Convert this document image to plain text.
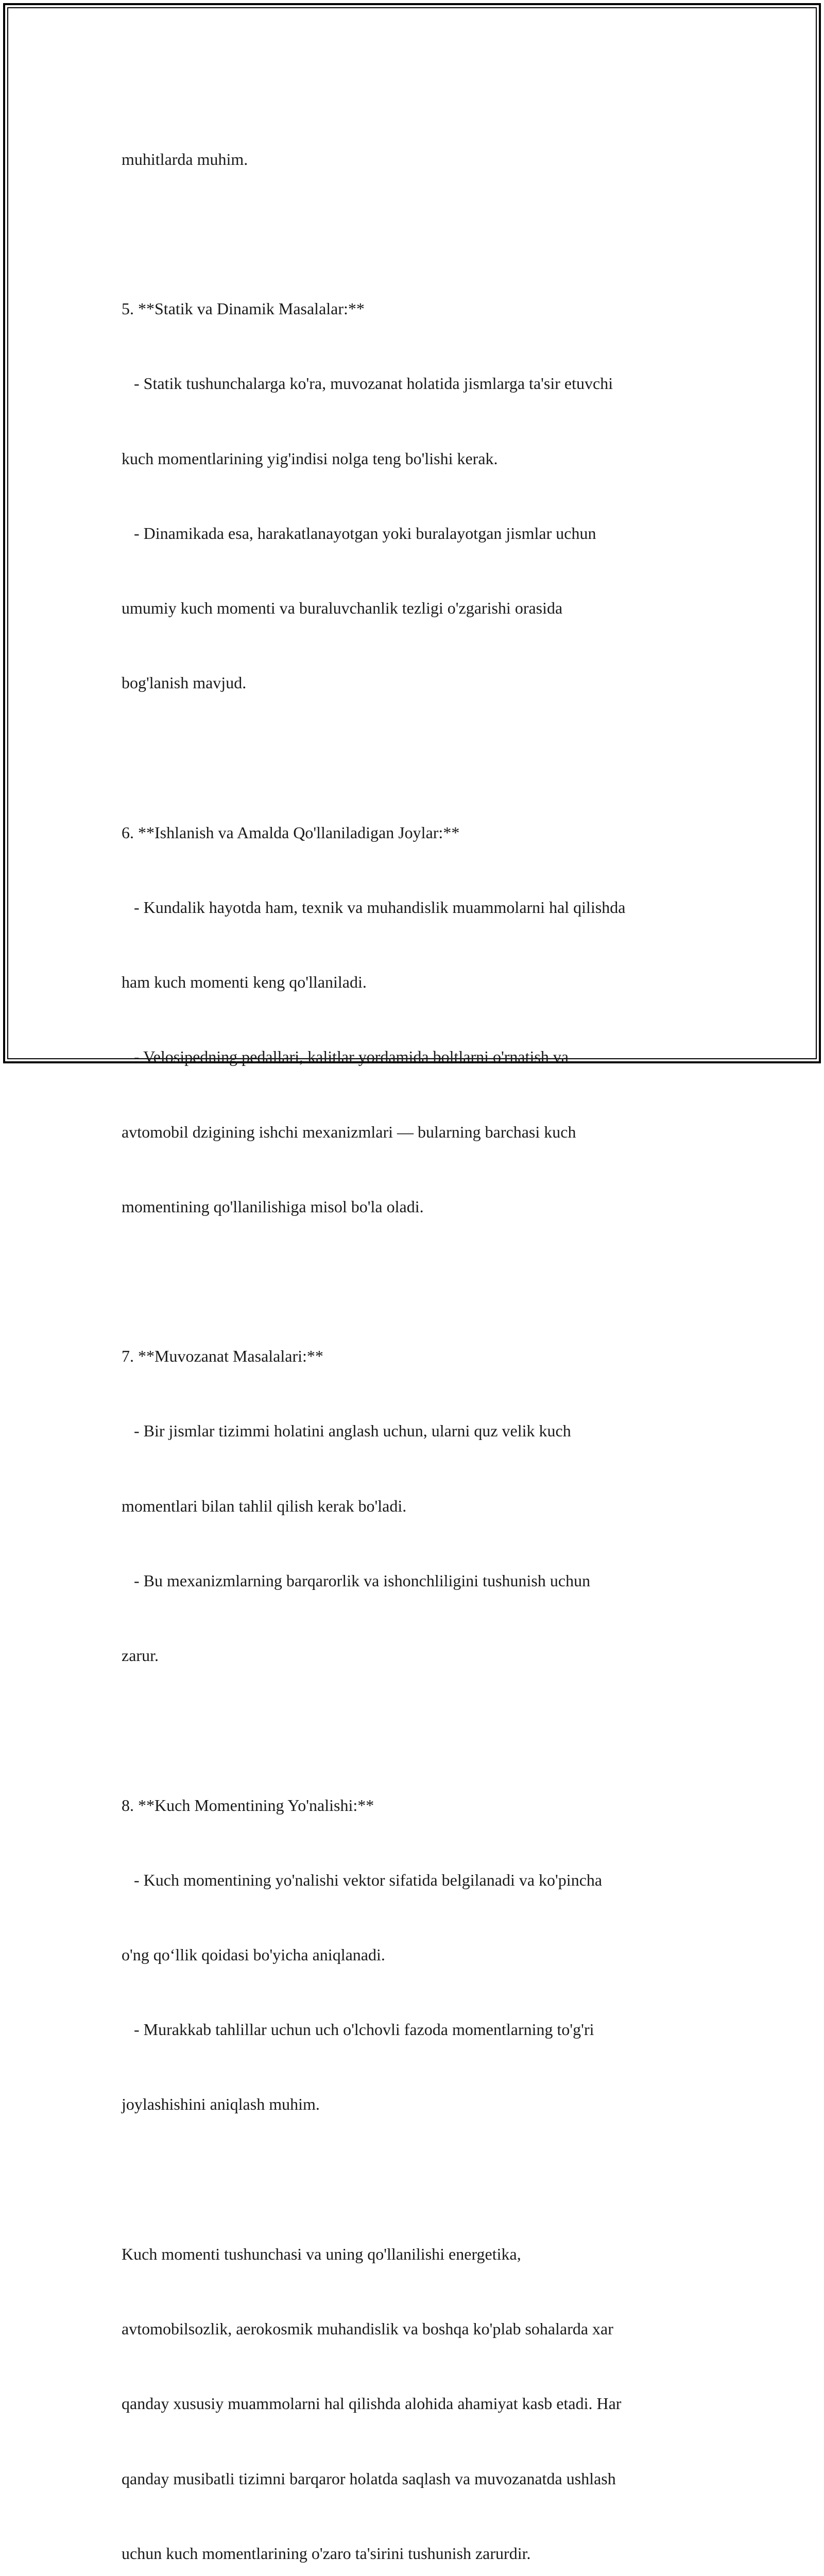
muhitlarda muhim.

5. **Statik va Dinamik Masalalar:**

- Statik tushunchalarga ko'ra, muvozanat holatida jismlarga ta'sir etuvchi

kuch momentlarining yig'indisi nolga teng bo'lishi kerak.

- Dinamikada esa, harakatlanayotgan yoki buralayotgan jismlar uchun

umumiy kuch momenti va buraluvchanlik tezligi o'zgarishi orasida

bog'lanish mavjud.

6. **Ishlanish va Amalda Qo'llaniladigan Joylar:**

- Kundalik hayotda ham, texnik va muhandislik muammolarni hal qilishda

ham kuch momenti keng qo'llaniladi.

- Velosipedning pedallari, kalitlar yordamida boltlarni o'rnatish va

avtomobil dzigining ishchi mexanizmlari — bularning barchasi kuch

momentining qo'llanilishiga misol bo'la oladi.

7. **Muvozanat Masalalari:**

- Bir jismlar tizimmi holatini anglash uchun, ularni quz velik kuch

momentlari bilan tahlil qilish kerak bo'ladi.

- Bu mexanizmlarning barqarorlik va ishonchliligini tushunish uchun

zarur.

8. **Kuch Momentining Yo'nalishi:**

- Kuch momentining yo'nalishi vektor sifatida belgilanadi va ko'pincha

o'ng qo‘llik qoidasi bo'yicha aniqlanadi.

- Murakkab tahlillar uchun uch o'lchovli fazoda momentlarning to'g'ri

joylashishini aniqlash muhim.

Kuch momenti tushunchasi va uning qo'llanilishi energetika,

avtomobilsozlik, aerokosmik muhandislik va boshqa ko'plab sohalarda xar

qanday xususiy muammolarni hal qilishda alohida ahamiyat kasb etadi. Har

qanday musibatli tizimni barqaror holatda saqlash va muvozanatda ushlash

uchun kuch momentlarining o'zaro ta'sirini tushunish zarurdir.
